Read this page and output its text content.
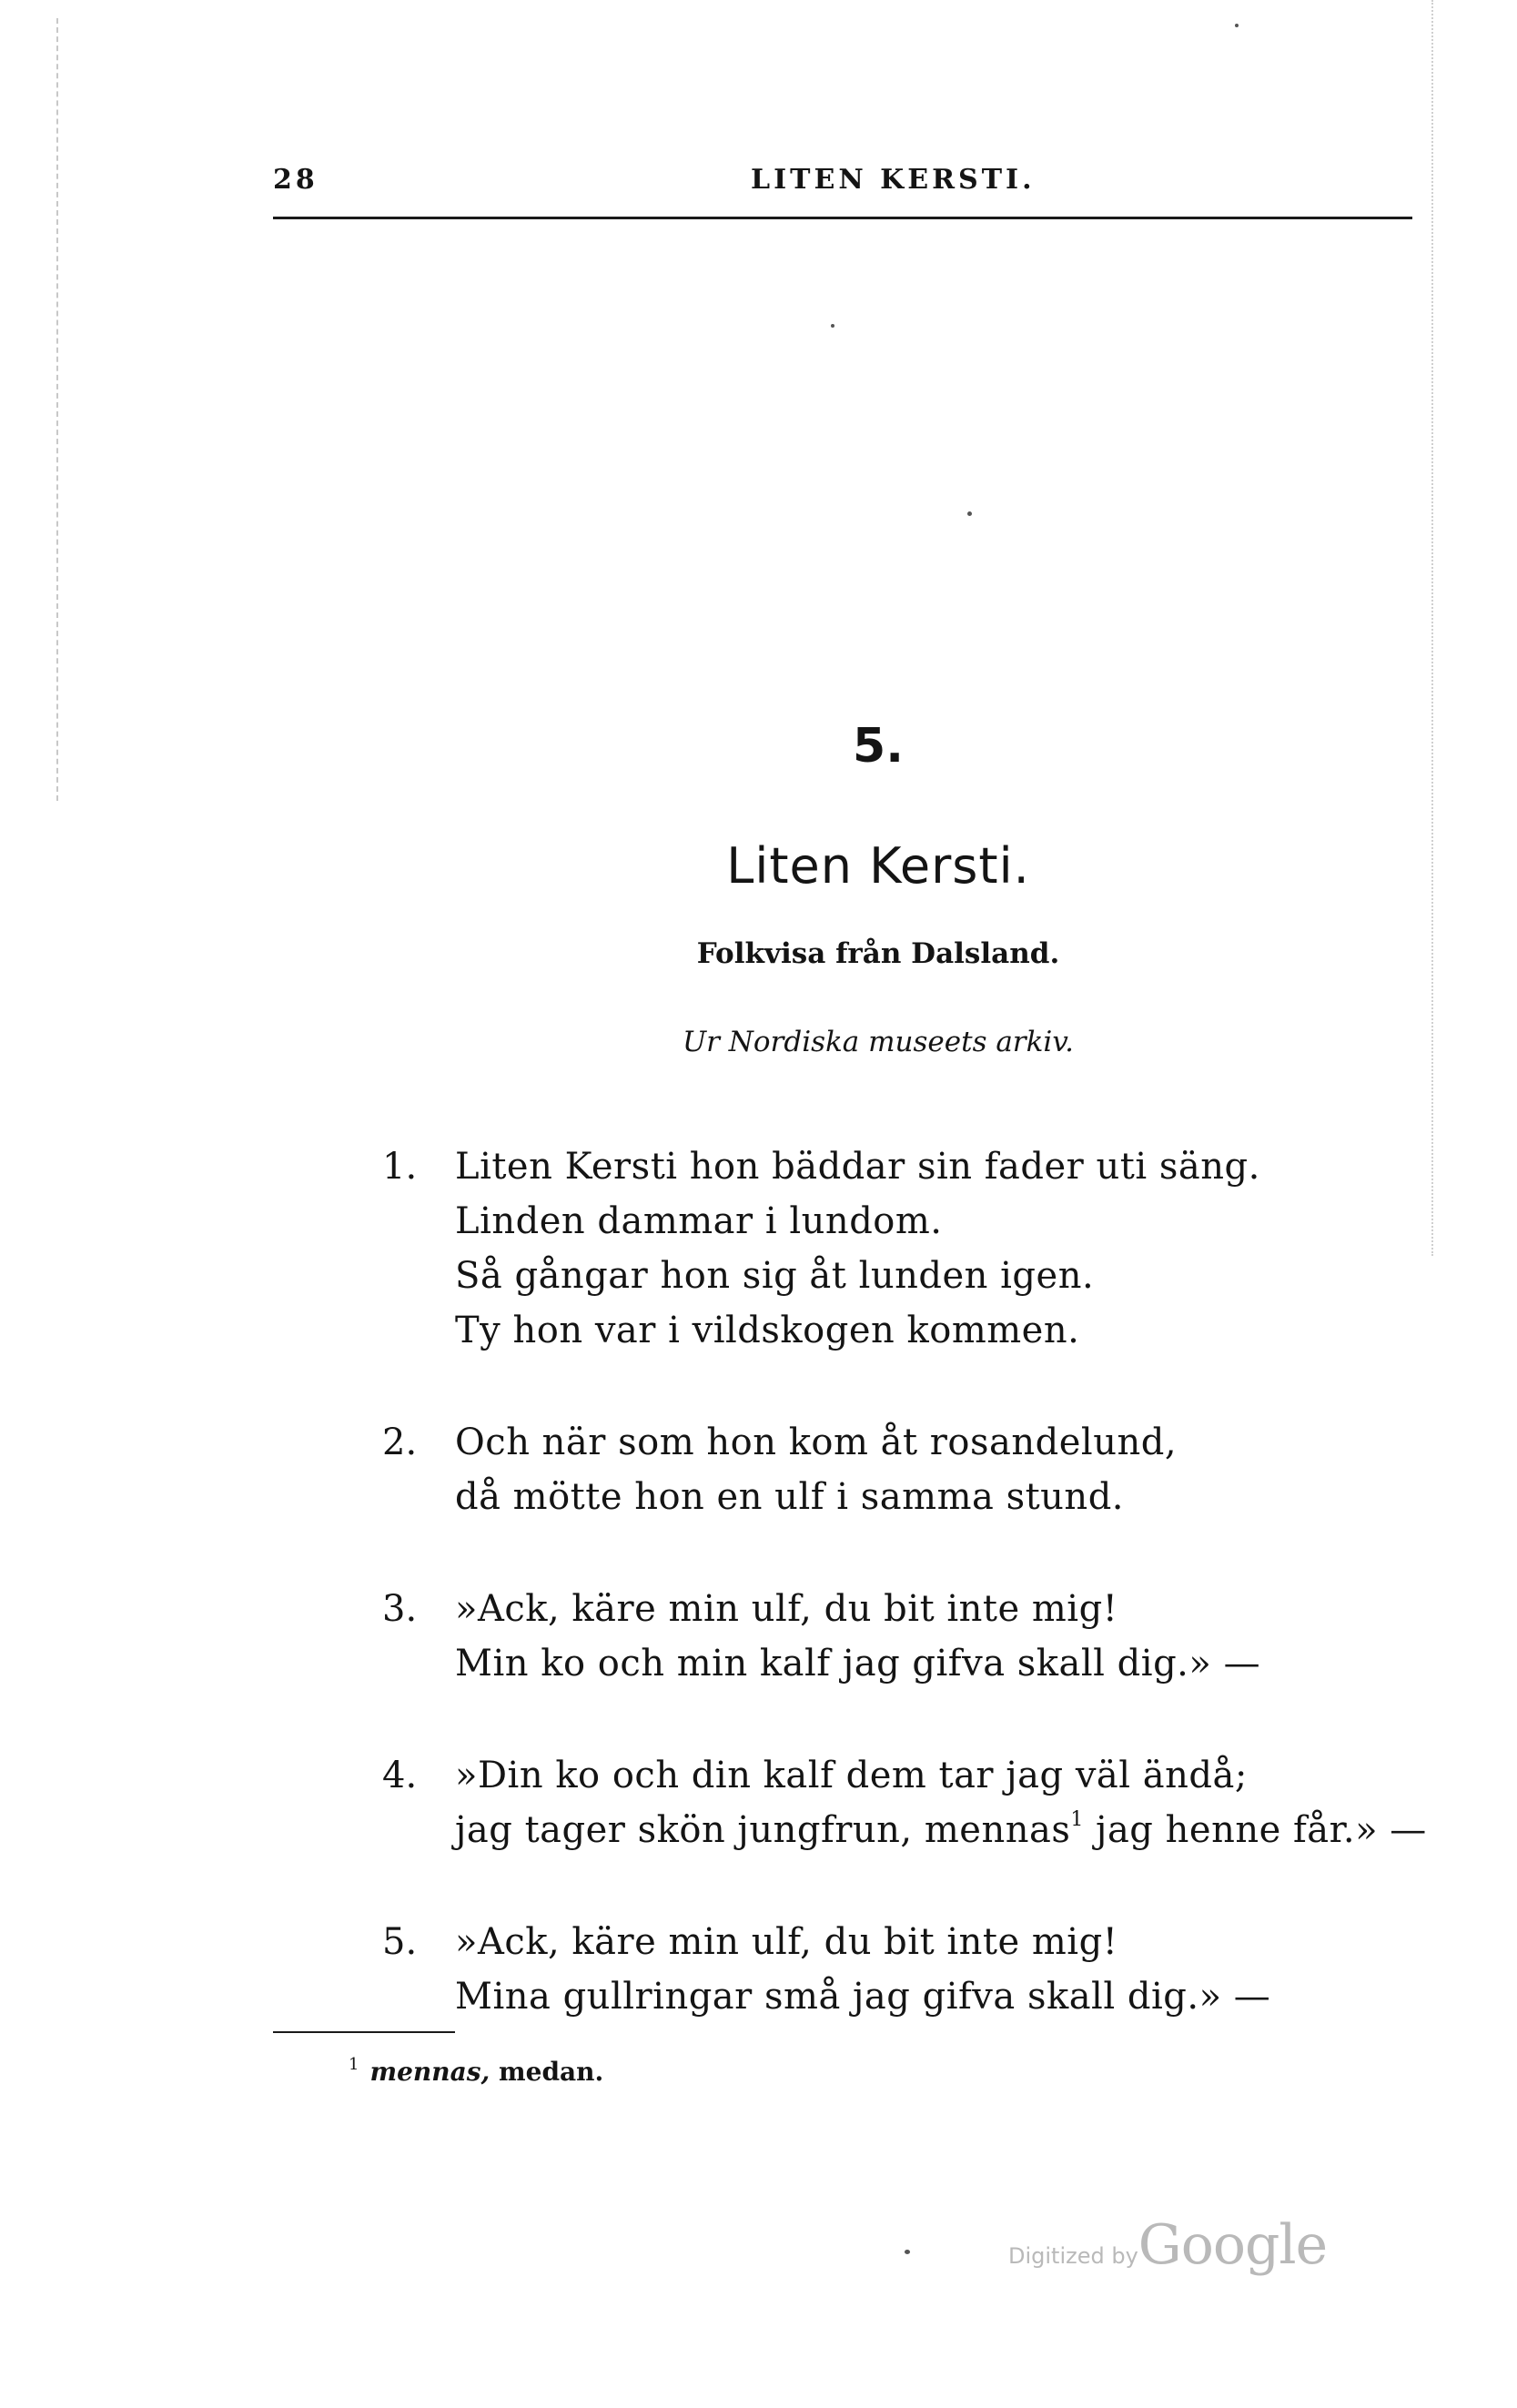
28	LITEN KERSTI.
5.
Liten Kersti.
Folkvisa från Dalsland.
Ur Nordiska museets arkiv.
1. Liten Kersti hon bäddar sin fader uti säng.
Linden dammar i lundom.
Så gångar hon sig åt lunden igen.
Ty hon var i vildskogen kommen.
2. Och när som hon kom åt rosandelund,
då mötte hon en ulf i samma stund.
3. »Ack, käre min ulf, du bit inte mig!
Min ko och min kalf jag gifva skall dig.» —
4. »Din ko och din kalf dem tar jag väl ändå;
jag tager skön jungfrun, mennas$^1$ jag henne får.» —
5. »Ack, käre min ulf, du bit inte mig!
Mina gullringar små jag gifva skall dig.» —
$^1$ mennas, medan.
Digitized byGoogle
